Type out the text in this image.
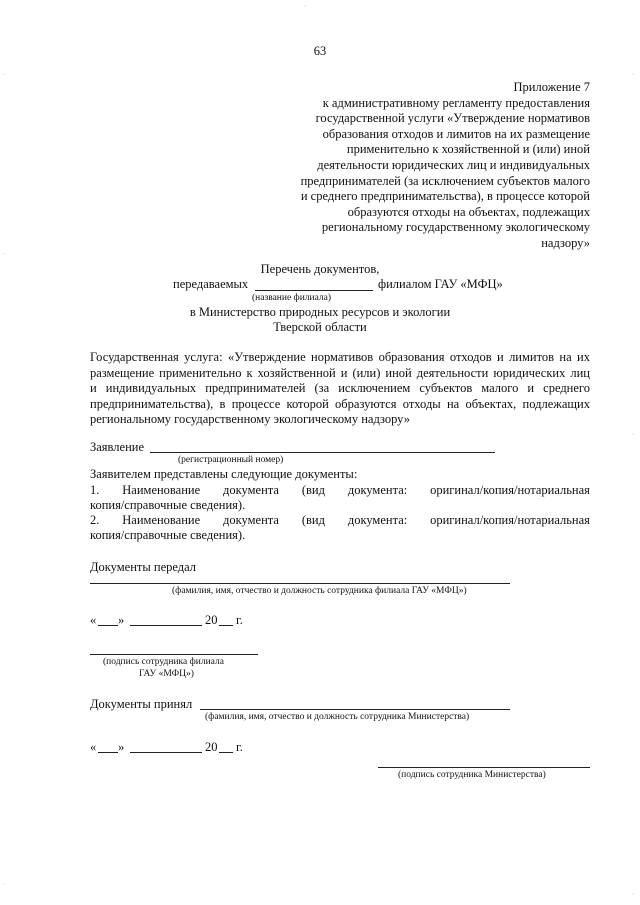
63
Приложение 7
к административному регламенту предоставления
государственной услуги «Утверждение нормативов
образования отходов и лимитов на их размещение
применительно к хозяйственной и (или) иной
деятельности юридических лиц и индивидуальных
предпринимателей (за исключением субъектов малого
и среднего предпринимательства), в процессе которой
образуются отходы на объектах, подлежащих
региональному государственному экологическому
надзору»
Перечень документов,
передаваемых	филиалом ГАУ «МФЦ»
(название филиала)
в Министерство природных ресурсов и экологии
Тверской области
Государственная услуга: «Утверждение нормативов образования отходов и лимитов на их
размещение применительно к хозяйственной и (или) иной деятельности юридических лиц
и индивидуальных предпринимателей (за исключением субъектов малого и среднего
предпринимательства), в процессе которой образуются отходы на объектах, подлежащих
региональному государственному экологическому надзору»
Заявление
(регистрационный номер)
Заявителем представлены следующие документы:
1. Наименование документа (вид документа: оригинал/копия/нотариальная
копия/справочные сведения).
2. Наименование документа (вид документа: оригинал/копия/нотариальная
копия/справочные сведения).
Документы передал
(фамилия, имя, отчество и должность сотрудника филиала ГАУ «МФЦ»)
« »	20 г.
(подпись сотрудника филиала
ГАУ «МФЦ»)
Документы принял
(фамилия, имя, отчество и должность сотрудника Министерства)
« »	20 г.
(подпись сотрудника Министерства)
·
·
·
·
·
·
·
